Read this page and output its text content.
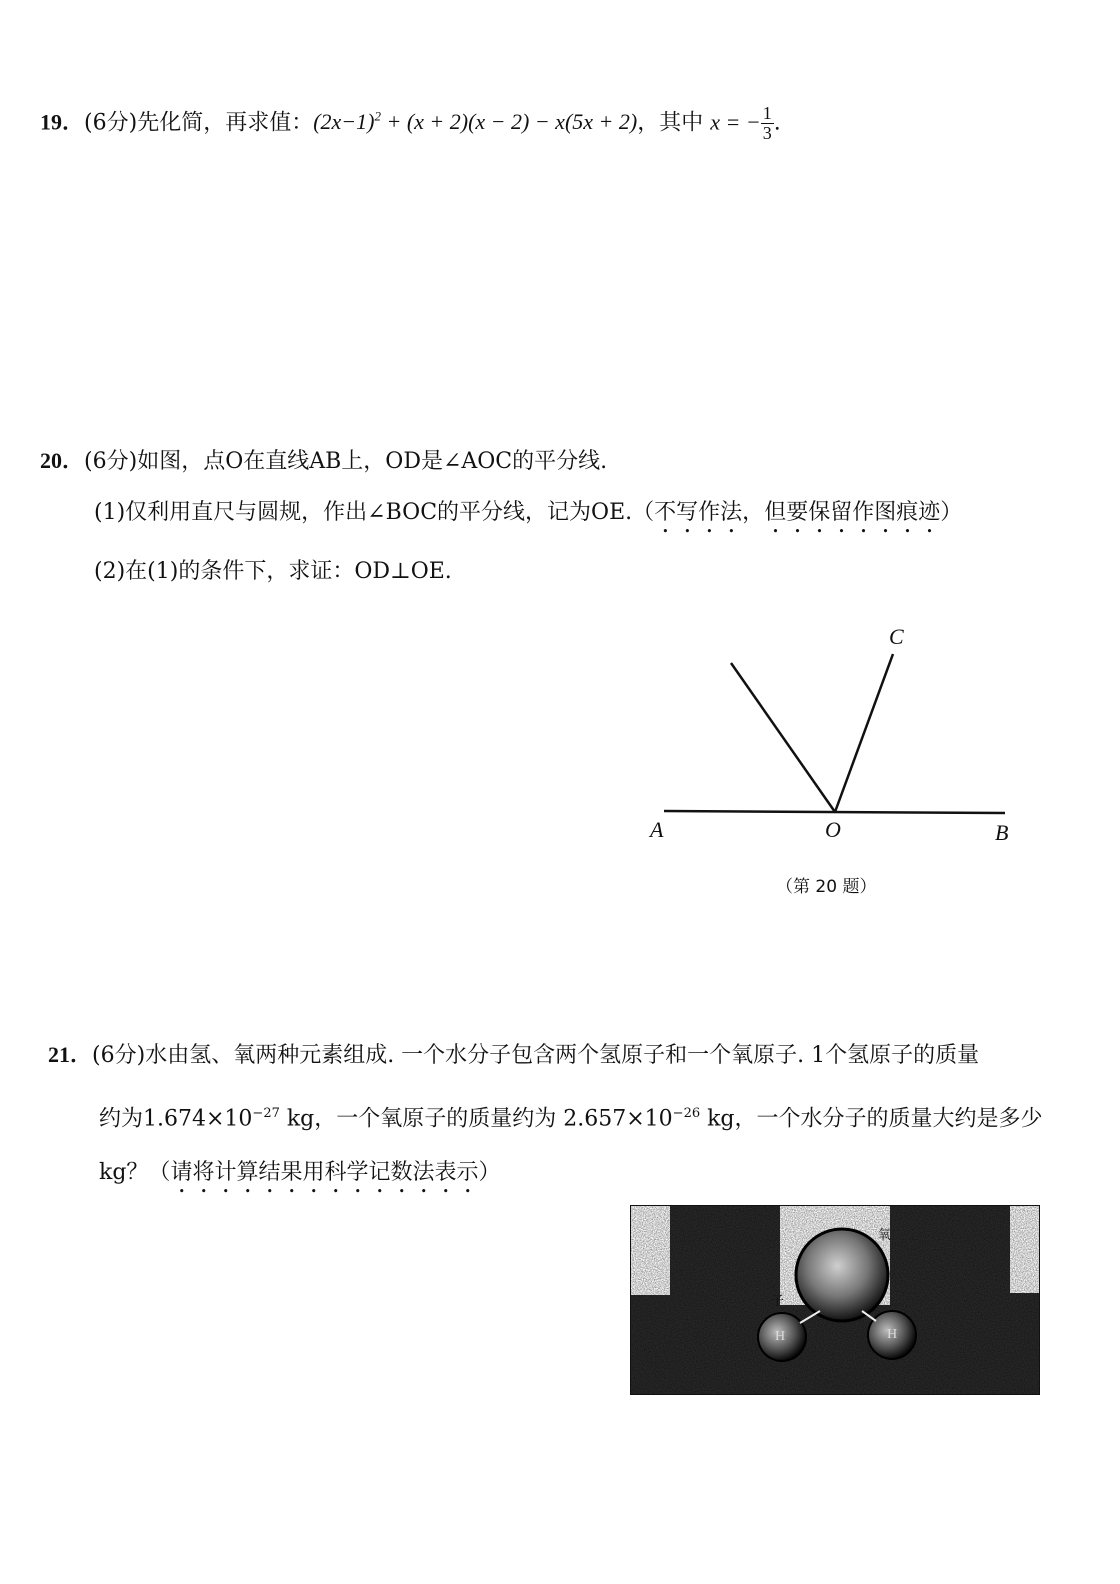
19．(6分)先化简，再求值：$(2x-1)^2 + (x + 2)(x - 2) - x(5x + 2)$，其中 x = − $\frac{1}{3}$ .
20．(6分)如图，点O在直线AB上，OD是∠AOC的平分线.
(1)仅利用直尺与圆规，作出∠BOC的平分线，记为OE.（不写作法，但要保留作图痕迹）
(2)在(1)的条件下，求证：OD⊥OE.
A	O	B
C
（第 20 题）
21．(6分)水由氢、氧两种元素组成. 一个水分子包含两个氢原子和一个氧原子. 1个氢原子的质量
约为$1.674\times 10^{-27}$ kg，一个氧原子的质量约为 $2.657\times 10^{-26}$ kg，一个水分子的质量大约是多少
kg？（请将计算结果用科学记数法表示）
氧
子
H	H
